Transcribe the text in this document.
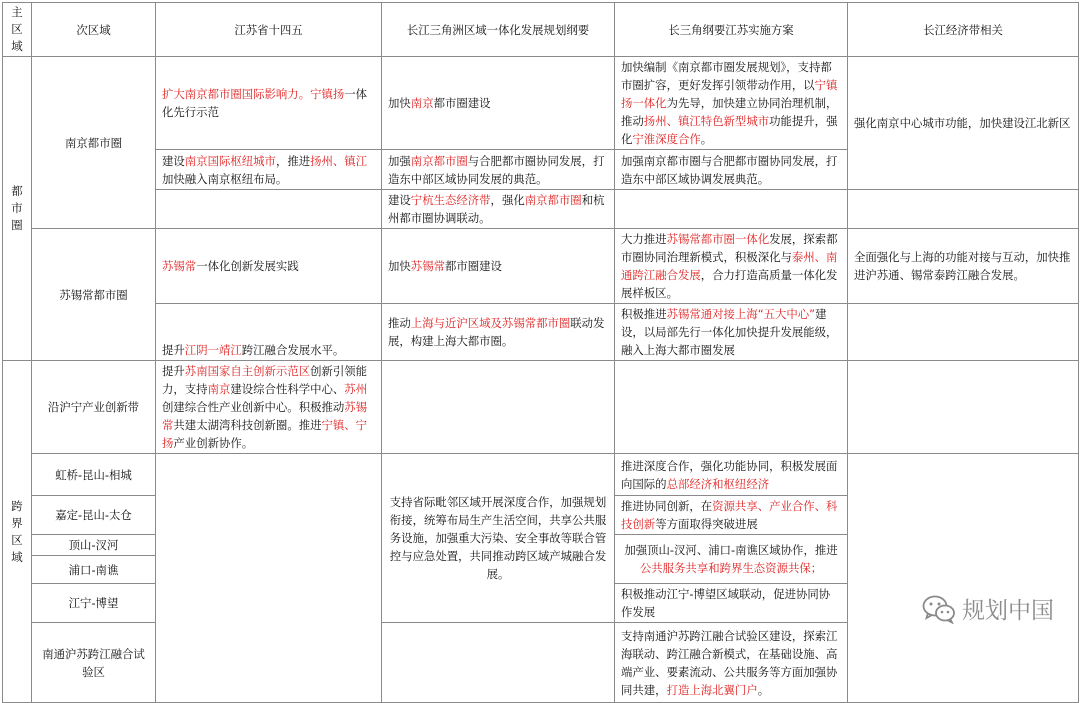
主区域	次区域	江苏省十四五	长江三角洲区域一体化发展规划纲要	长三角纲要江苏实施方案	长江经济带相关
都市圈	南京都市圈	扩大南京都市圈国际影响力。宁镇扬一体化先行示范	加快南京都市圈建设	加快编制《南京都市圈发展规划》，支持都市圈扩容，更好发挥引领带动作用，以宁镇扬一体化为先导，加快建立协同治理机制，推动扬州、镇江特色新型城市功能提升，强化宁淮深度合作。	强化南京中心城市功能，加快建设江北新区
		建设南京国际枢纽城市，推进扬州、镇江加快融入南京枢纽布局。	加强南京都市圈与合肥都市圈协同发展，打造东中部区域协同发展的典范。	加强南京都市圈与合肥都市圈协同发展，打造东中部区域协调发展典范。	
			建设宁杭生态经济带，强化南京都市圈和杭州都市圈协调联动。		
	苏锡常都市圈	苏锡常一体化创新发展实践	加快苏锡常都市圈建设	大力推进苏锡常都市圈一体化发展，探索都市圈协同治理新模式，积极深化与泰州、南通跨江融合发展，合力打造高质量一体化发展样板区。	全面强化与上海的功能对接与互动，加快推进沪苏通、锡常泰跨江融合发展。
		提升江阴一靖江跨江融合发展水平。	推动上海与近沪区域及苏锡常都市圈联动发展，构建上海大都市圈。	积极推进苏锡常通对接上海“五大中心”建设，以局部先行一体化加快提升发展能级，融入上海大都市圈发展	

跨界区域	沿沪宁产业创新带	提升苏南国家自主创新示范区创新引领能力，支持南京建设综合性科学中心、苏州创建综合性产业创新中心。积极推动苏锡常共建太湖湾科技创新圈。推进宁镇、宁扬产业创新协作。			
	虹桥-昆山-相城		支持省际毗邻区域开展深度合作，加强规划衔接，统筹布局生产生活空间，共享公共服务设施，加强重大污染、安全事故等联合管控与应急处置，共同推动跨区域产城融合发展。	推进深度合作，强化功能协同，积极发展面向国际的总部经济和枢纽经济	
	嘉定-昆山-太仓			推进协同创新，在资源共享、产业合作、科技创新等方面取得突破进展	
	顶山-汊河			加强顶山-汊河、浦口-南谯区域协作，推进公共服务共享和跨界生态资源共保；	
	浦口-南谯				
	江宁-博望			积极推动江宁-博望区域联动，促进协同协作发展	
	南通沪苏跨江融合试验区			支持南通沪苏跨江融合试验区建设，探索江海联动、跨江融合新模式，在基础设施、高端产业、要素流动、公共服务等方面加强协同共建，打造上海北翼门户。	
规划中国
